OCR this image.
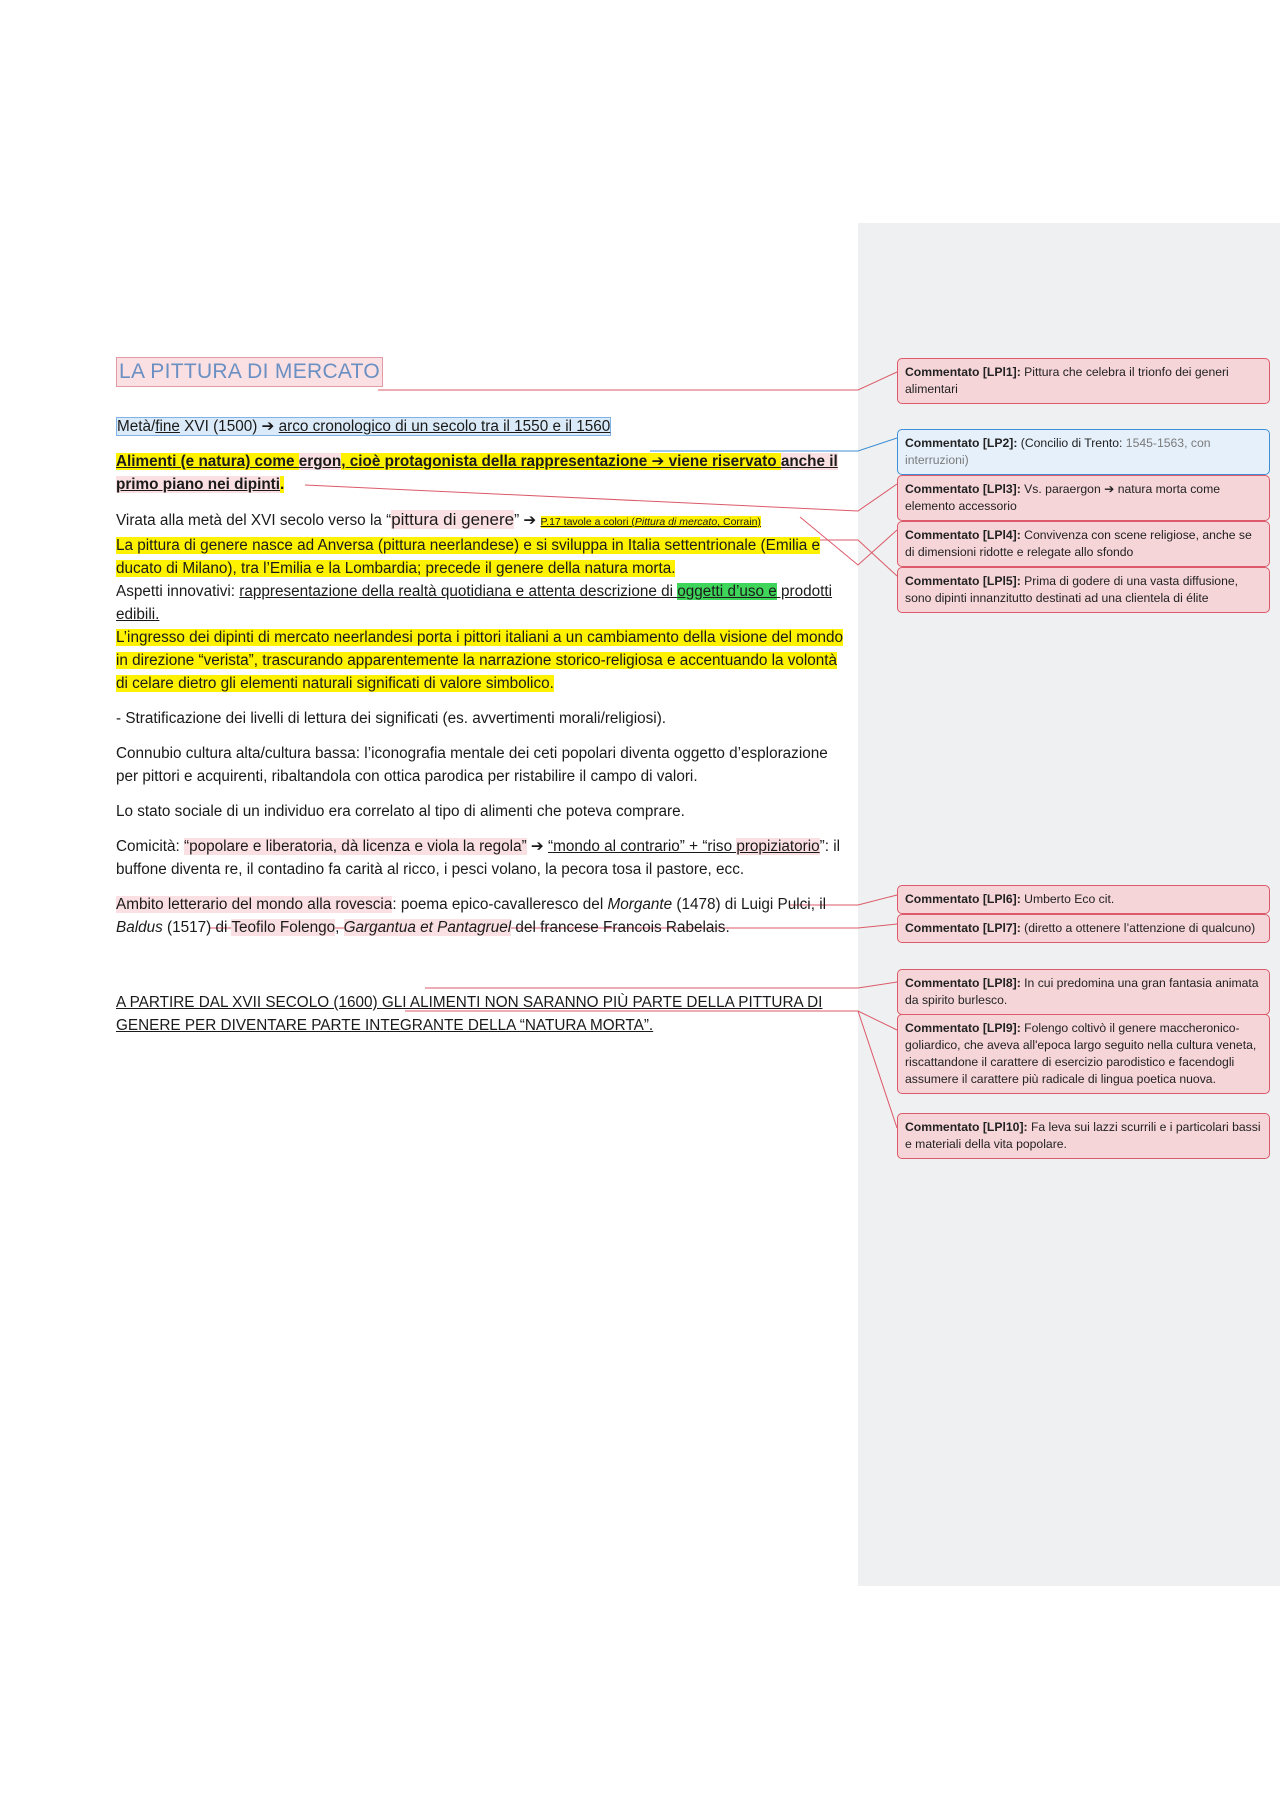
LA PITTURA DI MERCATO

Metà/fine XVI (1500) ➔ arco cronologico di un secolo tra il 1550 e il 1560

Alimenti (e natura) come ergon, cioè protagonista della rappresentazione ➔ viene riservato anche il primo piano nei dipinti.

Virata alla metà del XVI secolo verso la “pittura di genere” ➔ P.17 tavole a colori (Pittura di mercato, Corrain)
La pittura di genere nasce ad Anversa (pittura neerlandese) e si sviluppa in Italia settentrionale (Emilia e ducato di Milano), tra l’Emilia e la Lombardia; precede il genere della natura morta.
Aspetti innovativi: rappresentazione della realtà quotidiana e attenta descrizione di oggetti d’uso e prodotti edibili.
L’ingresso dei dipinti di mercato neerlandesi porta i pittori italiani a un cambiamento della visione del mondo in direzione “verista”, trascurando apparentemente la narrazione storico-religiosa e accentuando la volontà di celare dietro gli elementi naturali significati di valore simbolico.

- Stratificazione dei livelli di lettura dei significati (es. avvertimenti morali/religiosi).

Connubio cultura alta/cultura bassa: l’iconografia mentale dei ceti popolari diventa oggetto d’esplorazione per pittori e acquirenti, ribaltandola con ottica parodica per ristabilire il campo di valori.

Lo stato sociale di un individuo era correlato al tipo di alimenti che poteva comprare.

Comicità: “popolare e liberatoria, dà licenza e viola la regola” ➔ “mondo al contrario” + “riso propiziatorio”: il buffone diventa re, il contadino fa carità al ricco, i pesci volano, la pecora tosa il pastore, ecc.

Ambito letterario del mondo alla rovescia: poema epico-cavalleresco del Morgante (1478) di Luigi Pulci, il Baldus (1517) di Teofilo Folengo, Gargantua et Pantagruel del francese Francois Rabelais.

A PARTIRE DAL XVII SECOLO (1600) GLI ALIMENTI NON SARANNO PIÙ PARTE DELLA PITTURA DI GENERE PER DIVENTARE PARTE INTEGRANTE DELLA “NATURA MORTA”.

Commentato [LPl1]: Pittura che celebra il trionfo dei generi alimentari
Commentato [LP2]: (Concilio di Trento: 1545-1563, con interruzioni)
Commentato [LPl3]: Vs. paraergon ➔ natura morta come elemento accessorio
Commentato [LPl4]: Convivenza con scene religiose, anche se di dimensioni ridotte e relegate allo sfondo
Commentato [LPl5]: Prima di godere di una vasta diffusione, sono dipinti innanzitutto destinati ad una clientela di élite
Commentato [LPl6]: Umberto Eco cit.
Commentato [LPl7]: (diretto a ottenere l’attenzione di qualcuno)
Commentato [LPl8]: In cui predomina una gran fantasia animata da spirito burlesco.
Commentato [LPl9]: Folengo coltivò il genere maccheronico-goliardico, che aveva all'epoca largo seguito nella cultura veneta, riscattandone il carattere di esercizio parodistico e facendogli assumere il carattere più radicale di lingua poetica nuova.
Commentato [LPl10]: Fa leva sui lazzi scurrili e i particolari bassi e materiali della vita popolare.
